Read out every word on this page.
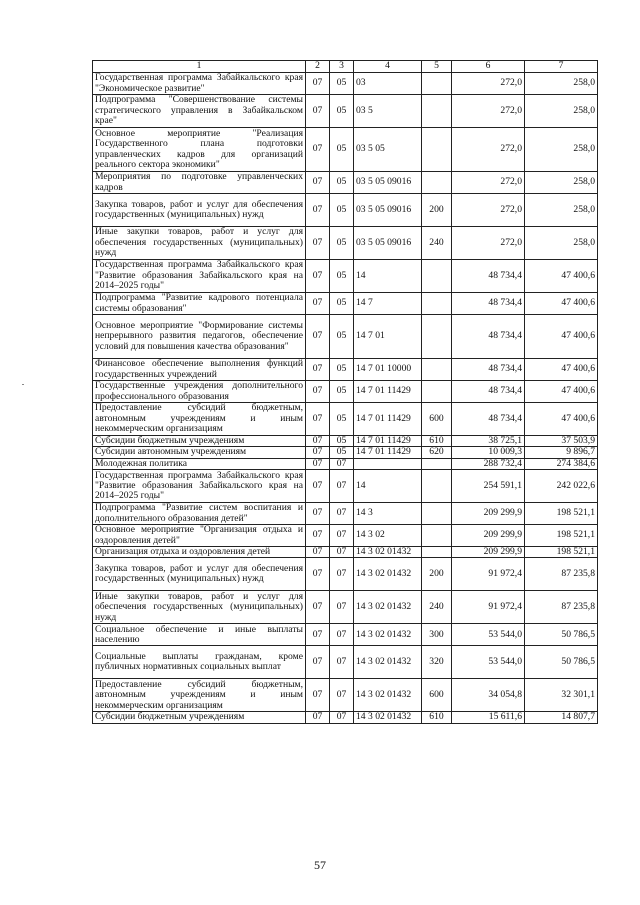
1	2	3	4	5	6	7
Государственная программа Забайкальского края "Экономическое развитие"	07	05	03		272,0	258,0
Подпрограмма "Совершенствование системы стратегического управления в Забайкальском крае"	07	05	03 5		272,0	258,0
Основное мероприятие "Реализация Государственного плана подготовки управленческих кадров для организаций реального сектора экономики"	07	05	03 5 05		272,0	258,0
Мероприятия по подготовке управленческих кадров	07	05	03 5 05 09016		272,0	258,0
Закупка товаров, работ и услуг для обеспечения государственных (муниципальных) нужд	07	05	03 5 05 09016	200	272,0	258,0
Иные закупки товаров, работ и услуг для обеспечения государственных (муниципальных) нужд	07	05	03 5 05 09016	240	272,0	258,0
Государственная программа Забайкальского края "Развитие образования Забайкальского края на 2014–2025 годы"	07	05	14		48 734,4	47 400,6
Подпрограмма "Развитие кадрового потенциала системы образования"	07	05	14 7		48 734,4	47 400,6
Основное мероприятие "Формирование системы непрерывного развития педагогов, обеспечение условий для повышения качества образования"	07	05	14 7 01		48 734,4	47 400,6
Финансовое обеспечение выполнения функций государственных учреждений	07	05	14 7 01 10000		48 734,4	47 400,6
Государственные учреждения дополнительного профессионального образования	07	05	14 7 01 11429		48 734,4	47 400,6
Предоставление субсидий бюджетным, автономным учреждениям и иным некоммерческим организациям	07	05	14 7 01 11429	600	48 734,4	47 400,6
Субсидии бюджетным учреждениям	07	05	14 7 01 11429	610	38 725,1	37 503,9
Субсидии автономным учреждениям	07	05	14 7 01 11429	620	10 009,3	9 896,7
Молодежная политика	07	07			288 732,4	274 384,6
Государственная программа Забайкальского края "Развитие образования Забайкальского края на 2014–2025 годы"	07	07	14		254 591,1	242 022,6
Подпрограмма "Развитие систем воспитания и дополнительного образования детей"	07	07	14 3		209 299,9	198 521,1
Основное мероприятие "Организация отдыха и оздоровления детей"	07	07	14 3 02		209 299,9	198 521,1
Организация отдыха и оздоровления детей	07	07	14 3 02 01432		209 299,9	198 521,1
Закупка товаров, работ и услуг для обеспечения государственных (муниципальных) нужд	07	07	14 3 02 01432	200	91 972,4	87 235,8
Иные закупки товаров, работ и услуг для обеспечения государственных (муниципальных) нужд	07	07	14 3 02 01432	240	91 972,4	87 235,8
Социальное обеспечение и иные выплаты населению	07	07	14 3 02 01432	300	53 544,0	50 786,5
Социальные выплаты гражданам, кроме публичных нормативных социальных выплат	07	07	14 3 02 01432	320	53 544,0	50 786,5
Предоставление субсидий бюджетным, автономным учреждениям и иным некоммерческим организациям	07	07	14 3 02 01432	600	34 054,8	32 301,1
Субсидии бюджетным учреждениям	07	07	14 3 02 01432	610	15 611,6	14 807,7
57
